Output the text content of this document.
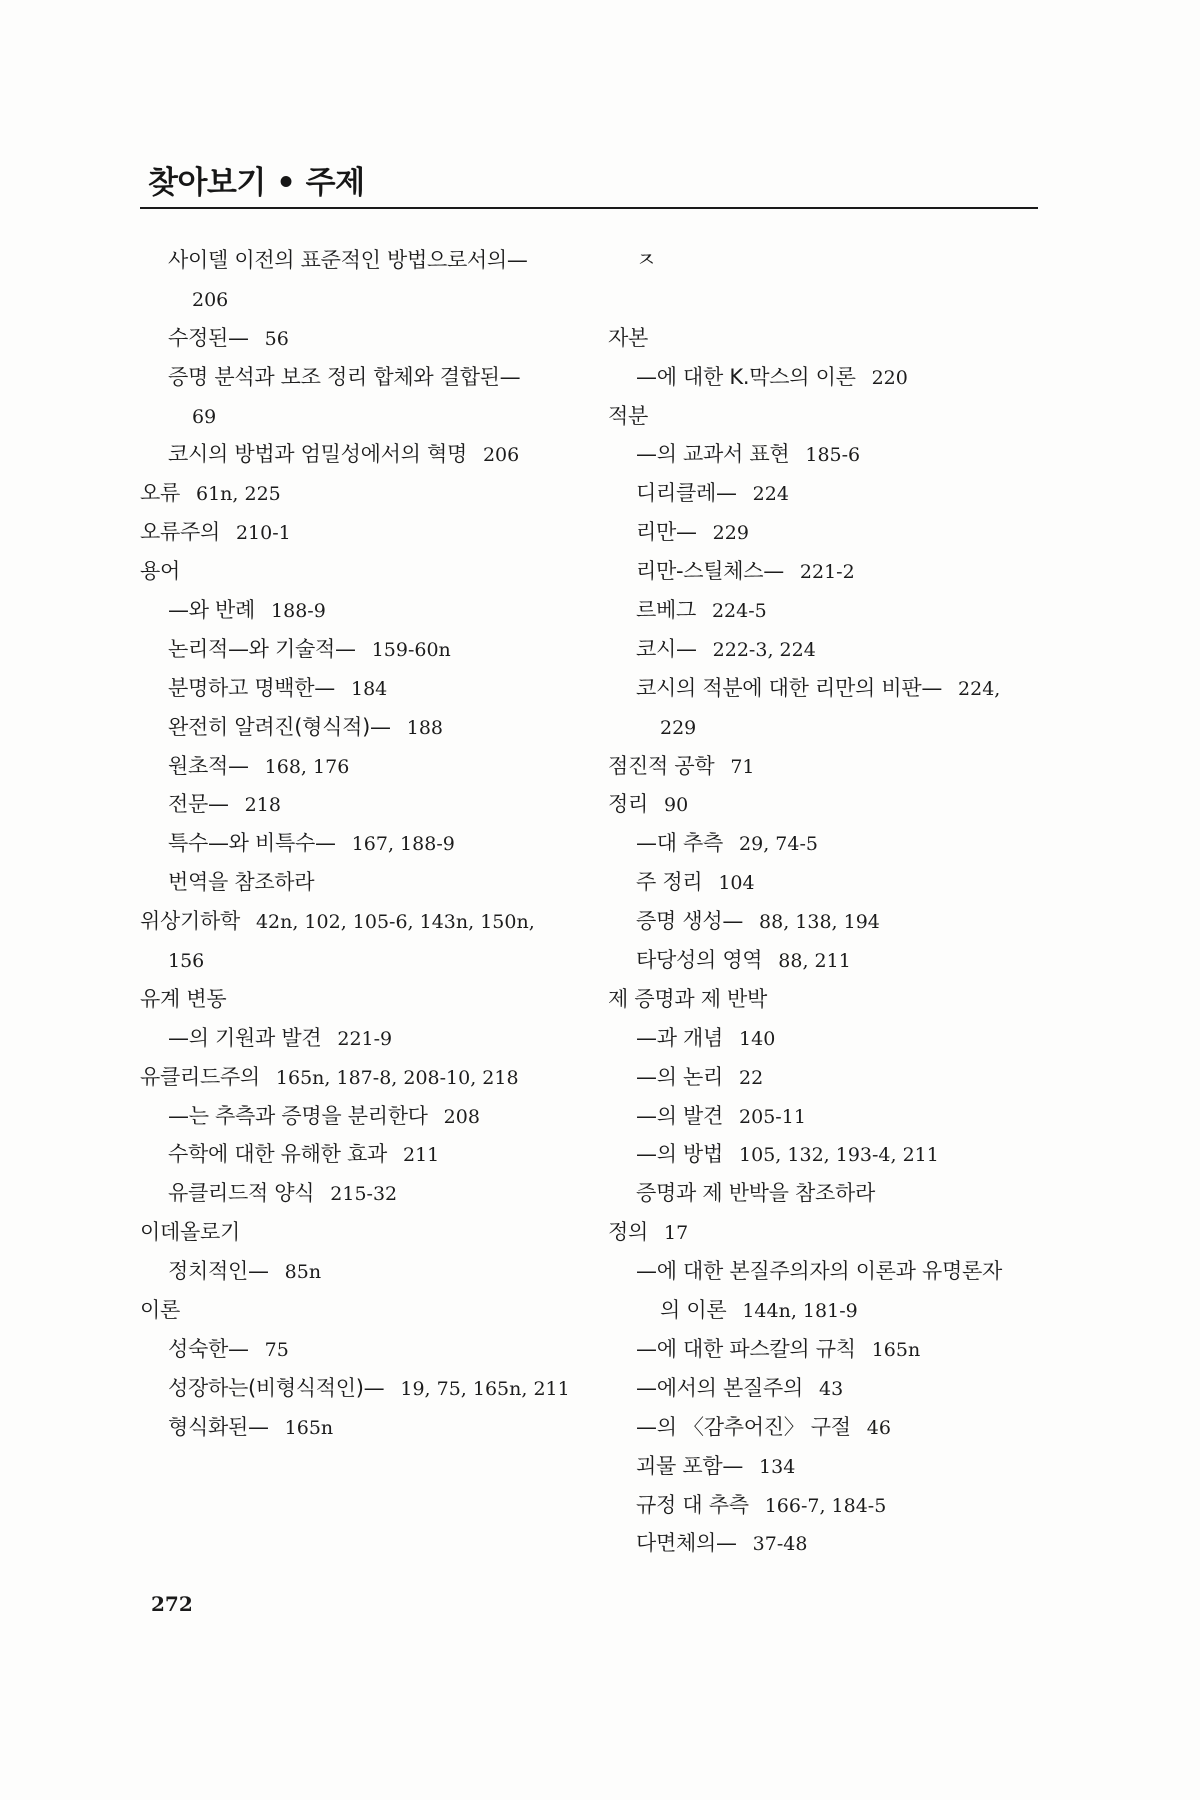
찾아보기 • 주제
사이델 이전의 표준적인 방법으로서의—
206
수정된— 56
증명 분석과 보조 정리 합체와 결합된—
69
코시의 방법과 엄밀성에서의 혁명 206
오류 61n, 225
오류주의 210-1
용어
—와 반례 188-9
논리적—와 기술적— 159-60n
분명하고 명백한— 184
완전히 알려진(형식적)— 188
원초적— 168, 176
전문— 218
특수—와 비특수— 167, 188-9
번역을 참조하라
위상기하학 42n, 102, 105-6, 143n, 150n,
156
유계 변동
—의 기원과 발견 221-9
유클리드주의 165n, 187-8, 208-10, 218
—는 추측과 증명을 분리한다 208
수학에 대한 유해한 효과 211
유클리드적 양식 215-32
이데올로기
정치적인— 85n
이론
성숙한— 75
성장하는(비형식적인)— 19, 75, 165n, 211
형식화된— 165n
ㅈ
자본
—에 대한 K.막스의 이론 220
적분
—의 교과서 표현 185-6
디리클레— 224
리만— 229
리만-스틸체스— 221-2
르베그 224-5
코시— 222-3, 224
코시의 적분에 대한 리만의 비판— 224,
229
점진적 공학 71
정리 90
—대 추측 29, 74-5
주 정리 104
증명 생성— 88, 138, 194
타당성의 영역 88, 211
제 증명과 제 반박
—과 개념 140
—의 논리 22
—의 발견 205-11
—의 방법 105, 132, 193-4, 211
증명과 제 반박을 참조하라
정의 17
—에 대한 본질주의자의 이론과 유명론자
의 이론 144n, 181-9
—에 대한 파스칼의 규칙 165n
—에서의 본질주의 43
—의 〈감추어진〉 구절 46
괴물 포함— 134
규정 대 추측 166-7, 184-5
다면체의— 37-48
272
